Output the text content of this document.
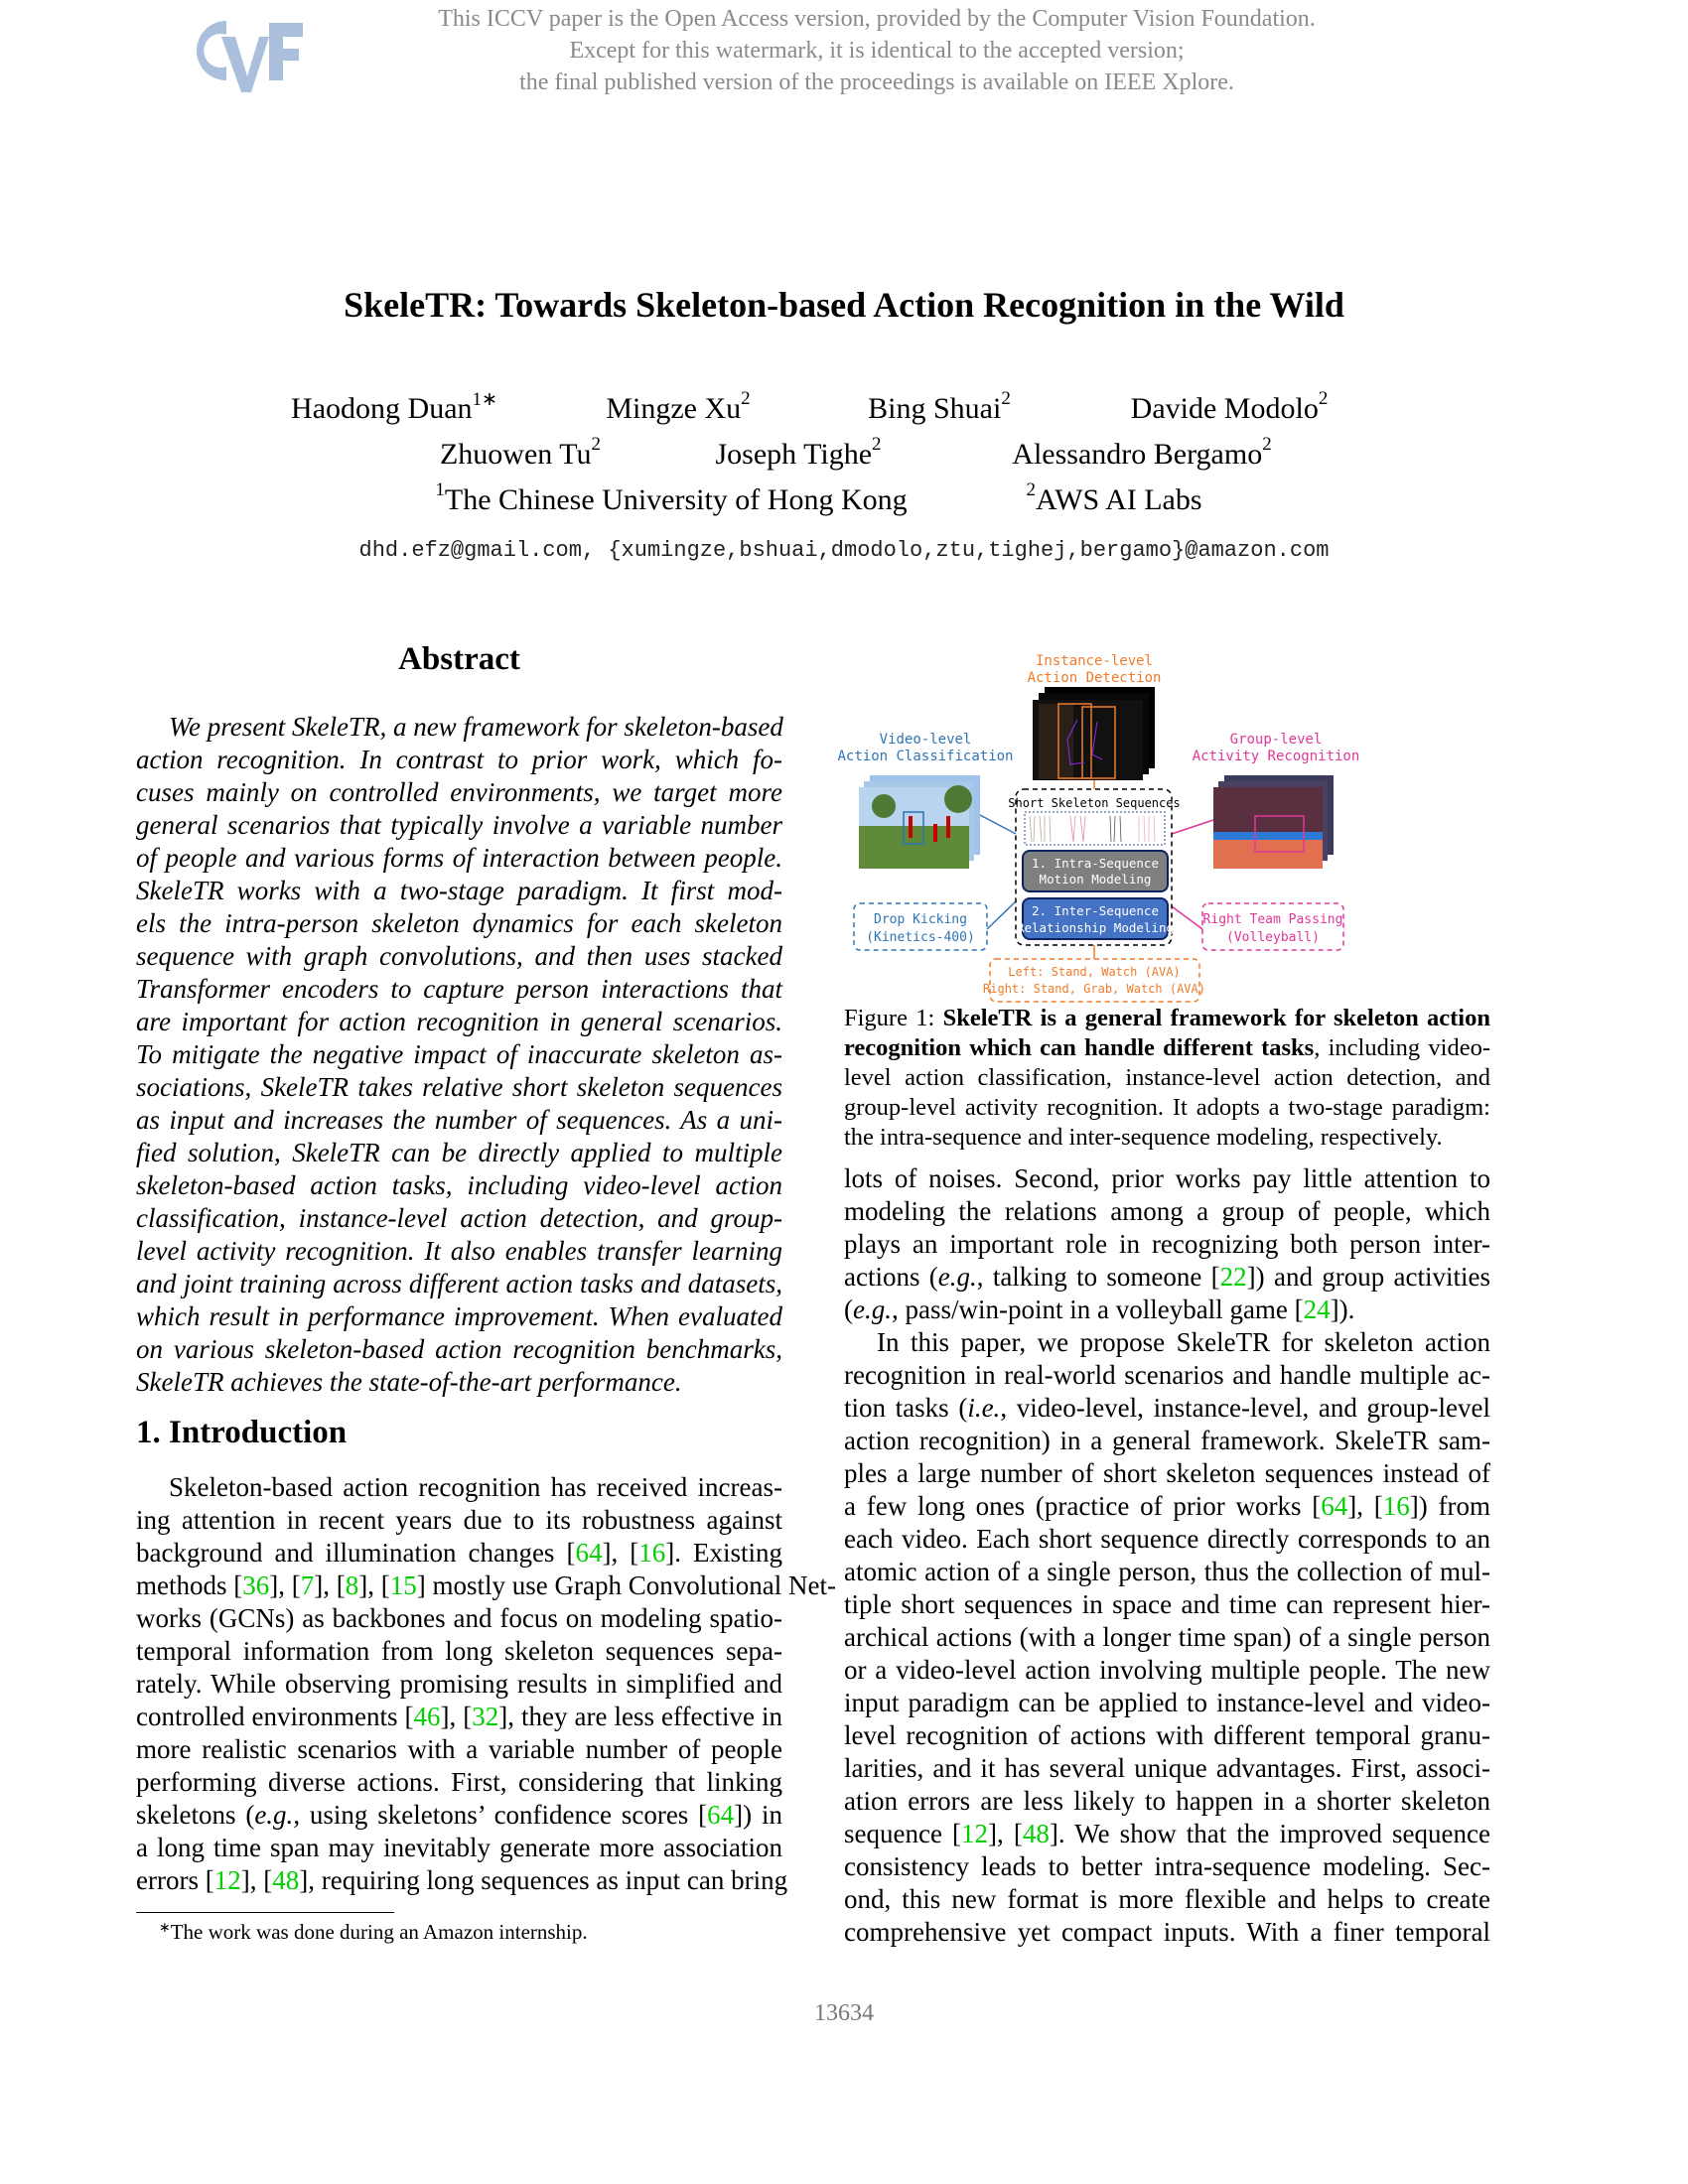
This ICCV paper is the Open Access version, provided by the Computer Vision Foundation.
Except for this watermark, it is identical to the accepted version;
the final published version of the proceedings is available on IEEE Xplore.
SkeleTR: Towards Skeleton-based Action Recognition in the Wild
Haodong Duan$^{1∗}$	Mingze Xu$^2$	Bing Shuai$^2$	Davide Modolo$^2$
Zhuowen Tu$^2$	Joseph Tighe$^2$	Alessandro Bergamo$^2$
$^1$The Chinese University of Hong Kong	$^2$AWS AI Labs
dhd.efz@gmail.com, {xumingze,bshuai,dmodolo,ztu,tighej,bergamo}@amazon.com
Abstract
We present SkeleTR, a new framework for skeleton-based
action recognition. In contrast to prior work, which fo-
cuses mainly on controlled environments, we target more
general scenarios that typically involve a variable number
of people and various forms of interaction between people.
SkeleTR works with a two-stage paradigm. It first mod-
els the intra-person skeleton dynamics for each skeleton
sequence with graph convolutions, and then uses stacked
Transformer encoders to capture person interactions that
are important for action recognition in general scenarios.
To mitigate the negative impact of inaccurate skeleton as-
sociations, SkeleTR takes relative short skeleton sequences
as input and increases the number of sequences. As a uni-
fied solution, SkeleTR can be directly applied to multiple
skeleton-based action tasks, including video-level action
classification, instance-level action detection, and group-
level activity recognition. It also enables transfer learning
and joint training across different action tasks and datasets,
which result in performance improvement. When evaluated
on various skeleton-based action recognition benchmarks,
SkeleTR achieves the state-of-the-art performance.
1. Introduction
Skeleton-based action recognition has received increas-
ing attention in recent years due to its robustness against
background and illumination changes [64], [16]. Existing
methods [36], [7], [8], [15] mostly use Graph Convolutional Net-
works (GCNs) as backbones and focus on modeling spatio-
temporal information from long skeleton sequences sepa-
rately. While observing promising results in simplified and
controlled environments [46], [32], they are less effective in
more realistic scenarios with a variable number of people
performing diverse actions. First, considering that linking
skeletons (e.g., using skeletons’ confidence scores [64]) in
a long time span may inevitably generate more association
errors [12], [48], requiring long sequences as input can bring
lots of noises. Second, prior works pay little attention to
modeling the relations among a group of people, which
plays an important role in recognizing both person inter-
actions (e.g., talking to someone [22]) and group activities
(e.g., pass/win-point in a volleyball game [24]).
In this paper, we propose SkeleTR for skeleton action
recognition in real-world scenarios and handle multiple ac-
tion tasks (i.e., video-level, instance-level, and group-level
action recognition) in a general framework. SkeleTR sam-
ples a large number of short skeleton sequences instead of
a few long ones (practice of prior works [64], [16]) from
each video. Each short sequence directly corresponds to an
atomic action of a single person, thus the collection of mul-
tiple short sequences in space and time can represent hier-
archical actions (with a longer time span) of a single person
or a video-level action involving multiple people. The new
input paradigm can be applied to instance-level and video-
level recognition of actions with different temporal granu-
larities, and it has several unique advantages. First, associ-
ation errors are less likely to happen in a shorter skeleton
sequence [12], [48]. We show that the improved sequence
consistency leads to better intra-sequence modeling. Sec-
ond, this new format is more flexible and helps to create
comprehensive yet compact inputs. With a finer temporal
Instance-level
Action Detection
Video-level
Action Classification
Group-level
Activity Recognition
Short Skeleton Sequences
1. Intra-Sequence
Motion Modeling
2. Inter-Sequence
Relationship Modeling
Drop Kicking
(Kinetics-400)
Right Team Passing
(Volleyball)
Left: Stand, Watch (AVA)
Right: Stand, Grab, Watch (AVA)
Figure 1: SkeleTR is a general framework for skeleton action
recognition which can handle different tasks, including video-
level action classification, instance-level action detection, and
group-level activity recognition. It adopts a two-stage paradigm:
the intra-sequence and inter-sequence modeling, respectively.
∗The work was done during an Amazon internship.
13634
